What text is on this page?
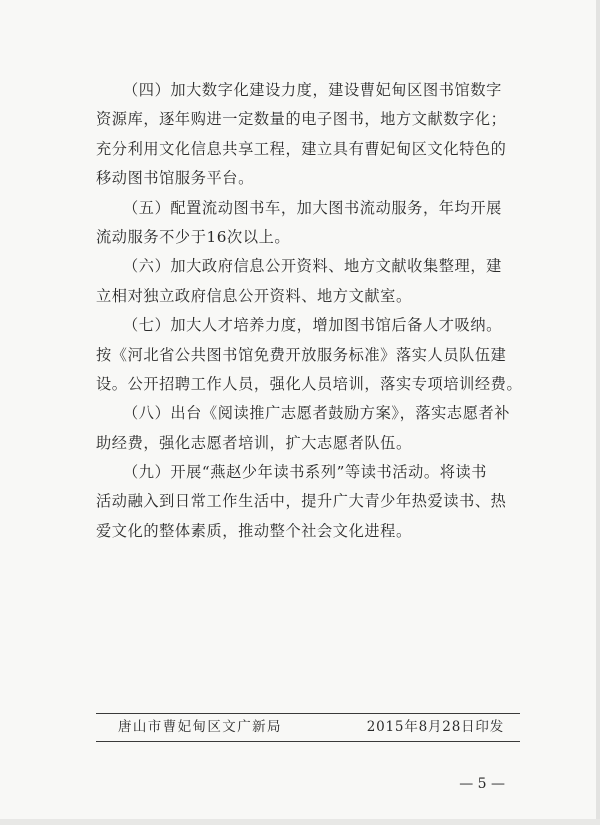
（四）加大数字化建设力度，建设曹妃甸区图书馆数字
资源库，逐年购进一定数量的电子图书，地方文献数字化；
充分利用文化信息共享工程，建立具有曹妃甸区文化特色的
移动图书馆服务平台。
（五）配置流动图书车，加大图书流动服务，年均开展
流动服务不少于16次以上。
（六）加大政府信息公开资料、地方文献收集整理，建
立相对独立政府信息公开资料、地方文献室。
（七）加大人才培养力度，增加图书馆后备人才吸纳。
按《河北省公共图书馆免费开放服务标准》落实人员队伍建
设。公开招聘工作人员，强化人员培训，落实专项培训经费。
（八）出台《阅读推广志愿者鼓励方案》，落实志愿者补
助经费，强化志愿者培训，扩大志愿者队伍。
（九）开展“燕赵少年读书系列”等读书活动。将读书
活动融入到日常工作生活中，提升广大青少年热爱读书、热
爱文化的整体素质，推动整个社会文化进程。
唐山市曹妃甸区文广新局	2015年8月28日印发
— 5 —
